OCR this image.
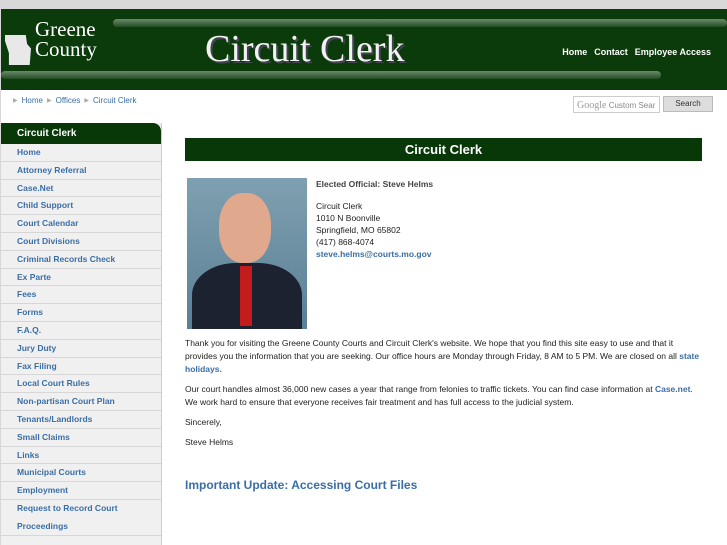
Greene
County	Circuit Clerk	Home Contact Employee Access
▶ Home ▶ Offices ▶ Circuit Clerk	Google Custom Sear	Search
Circuit Clerk
Home
Attorney Referral
Case.Net
Child Support
Court Calendar
Court Divisions
Criminal Records Check
Ex Parte
Fees
Forms
F.A.Q.
Jury Duty
Fax Filing
Local Court Rules
Non-partisan Court Plan
Tenants/Landlords
Small Claims
Links
Municipal Courts
Employment
Request to Record Court
Proceedings
Circuit Clerk
Elected Official: Steve Helms
Circuit Clerk
1010 N Boonville
Springfield, MO 65802
(417) 868-4074
steve.helms@courts.mo.gov

Thank you for visiting the Greene County Courts and Circuit Clerk's website. We hope that you find this site easy to use and that it provides you the information that you are seeking. Our office hours are Monday through Friday, 8 AM to 5 PM. We are closed on all state holidays.

Our court handles almost 36,000 new cases a year that range from felonies to traffic tickets. You can find case information at Case.net. We work hard to ensure that everyone receives fair treatment and has full access to the judicial system.

Sincerely,

Steve Helms

Important Update: Accessing Court Files
